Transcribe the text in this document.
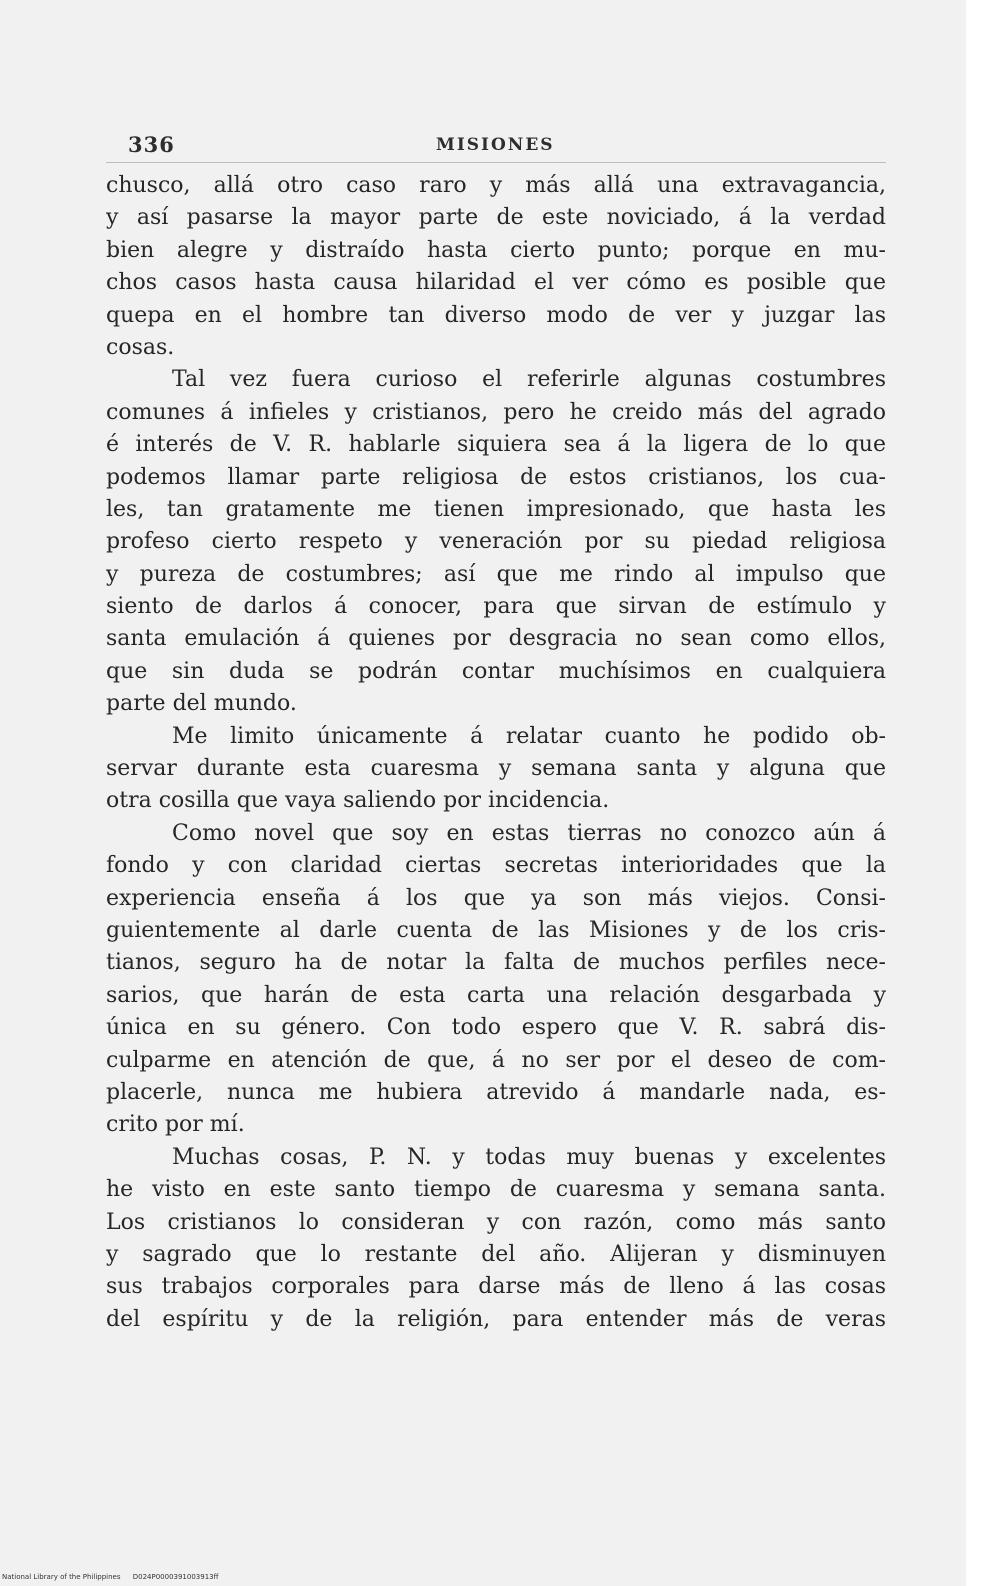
336	MISIONES
chusco, allá otro caso raro y más allá una extravagancia,
y así pasarse la mayor parte de este noviciado, á la verdad
bien alegre y distraído hasta cierto punto; porque en mu-
chos casos hasta causa hilaridad el ver cómo es posible que
quepa en el hombre tan diverso modo de ver y juzgar las
cosas.
Tal vez fuera curioso el referirle algunas costumbres
comunes á infieles y cristianos, pero he creido más del agrado
é interés de V. R. hablarle siquiera sea á la ligera de lo que
podemos llamar parte religiosa de estos cristianos, los cua-
les, tan gratamente me tienen impresionado, que hasta les
profeso cierto respeto y veneración por su piedad religiosa
y pureza de costumbres; así que me rindo al impulso que
siento de darlos á conocer, para que sirvan de estímulo y
santa emulación á quienes por desgracia no sean como ellos,
que sin duda se podrán contar muchísimos en cualquiera
parte del mundo.
Me limito únicamente á relatar cuanto he podido ob-
servar durante esta cuaresma y semana santa y alguna que
otra cosilla que vaya saliendo por incidencia.
Como novel que soy en estas tierras no conozco aún á
fondo y con claridad ciertas secretas interioridades que la
experiencia enseña á los que ya son más viejos. Consi-
guientemente al darle cuenta de las Misiones y de los cris-
tianos, seguro ha de notar la falta de muchos perfiles nece-
sarios, que harán de esta carta una relación desgarbada y
única en su género. Con todo espero que V. R. sabrá dis-
culparme en atención de que, á no ser por el deseo de com-
placerle, nunca me hubiera atrevido á mandarle nada, es-
crito por mí.
Muchas cosas, P. N. y todas muy buenas y excelentes
he visto en este santo tiempo de cuaresma y semana santa.
Los cristianos lo consideran y con razón, como más santo
y sagrado que lo restante del año. Alijeran y disminuyen
sus trabajos corporales para darse más de lleno á las cosas
del espíritu y de la religión, para entender más de veras
National Library of the Philippines D024P0000391003913ff
